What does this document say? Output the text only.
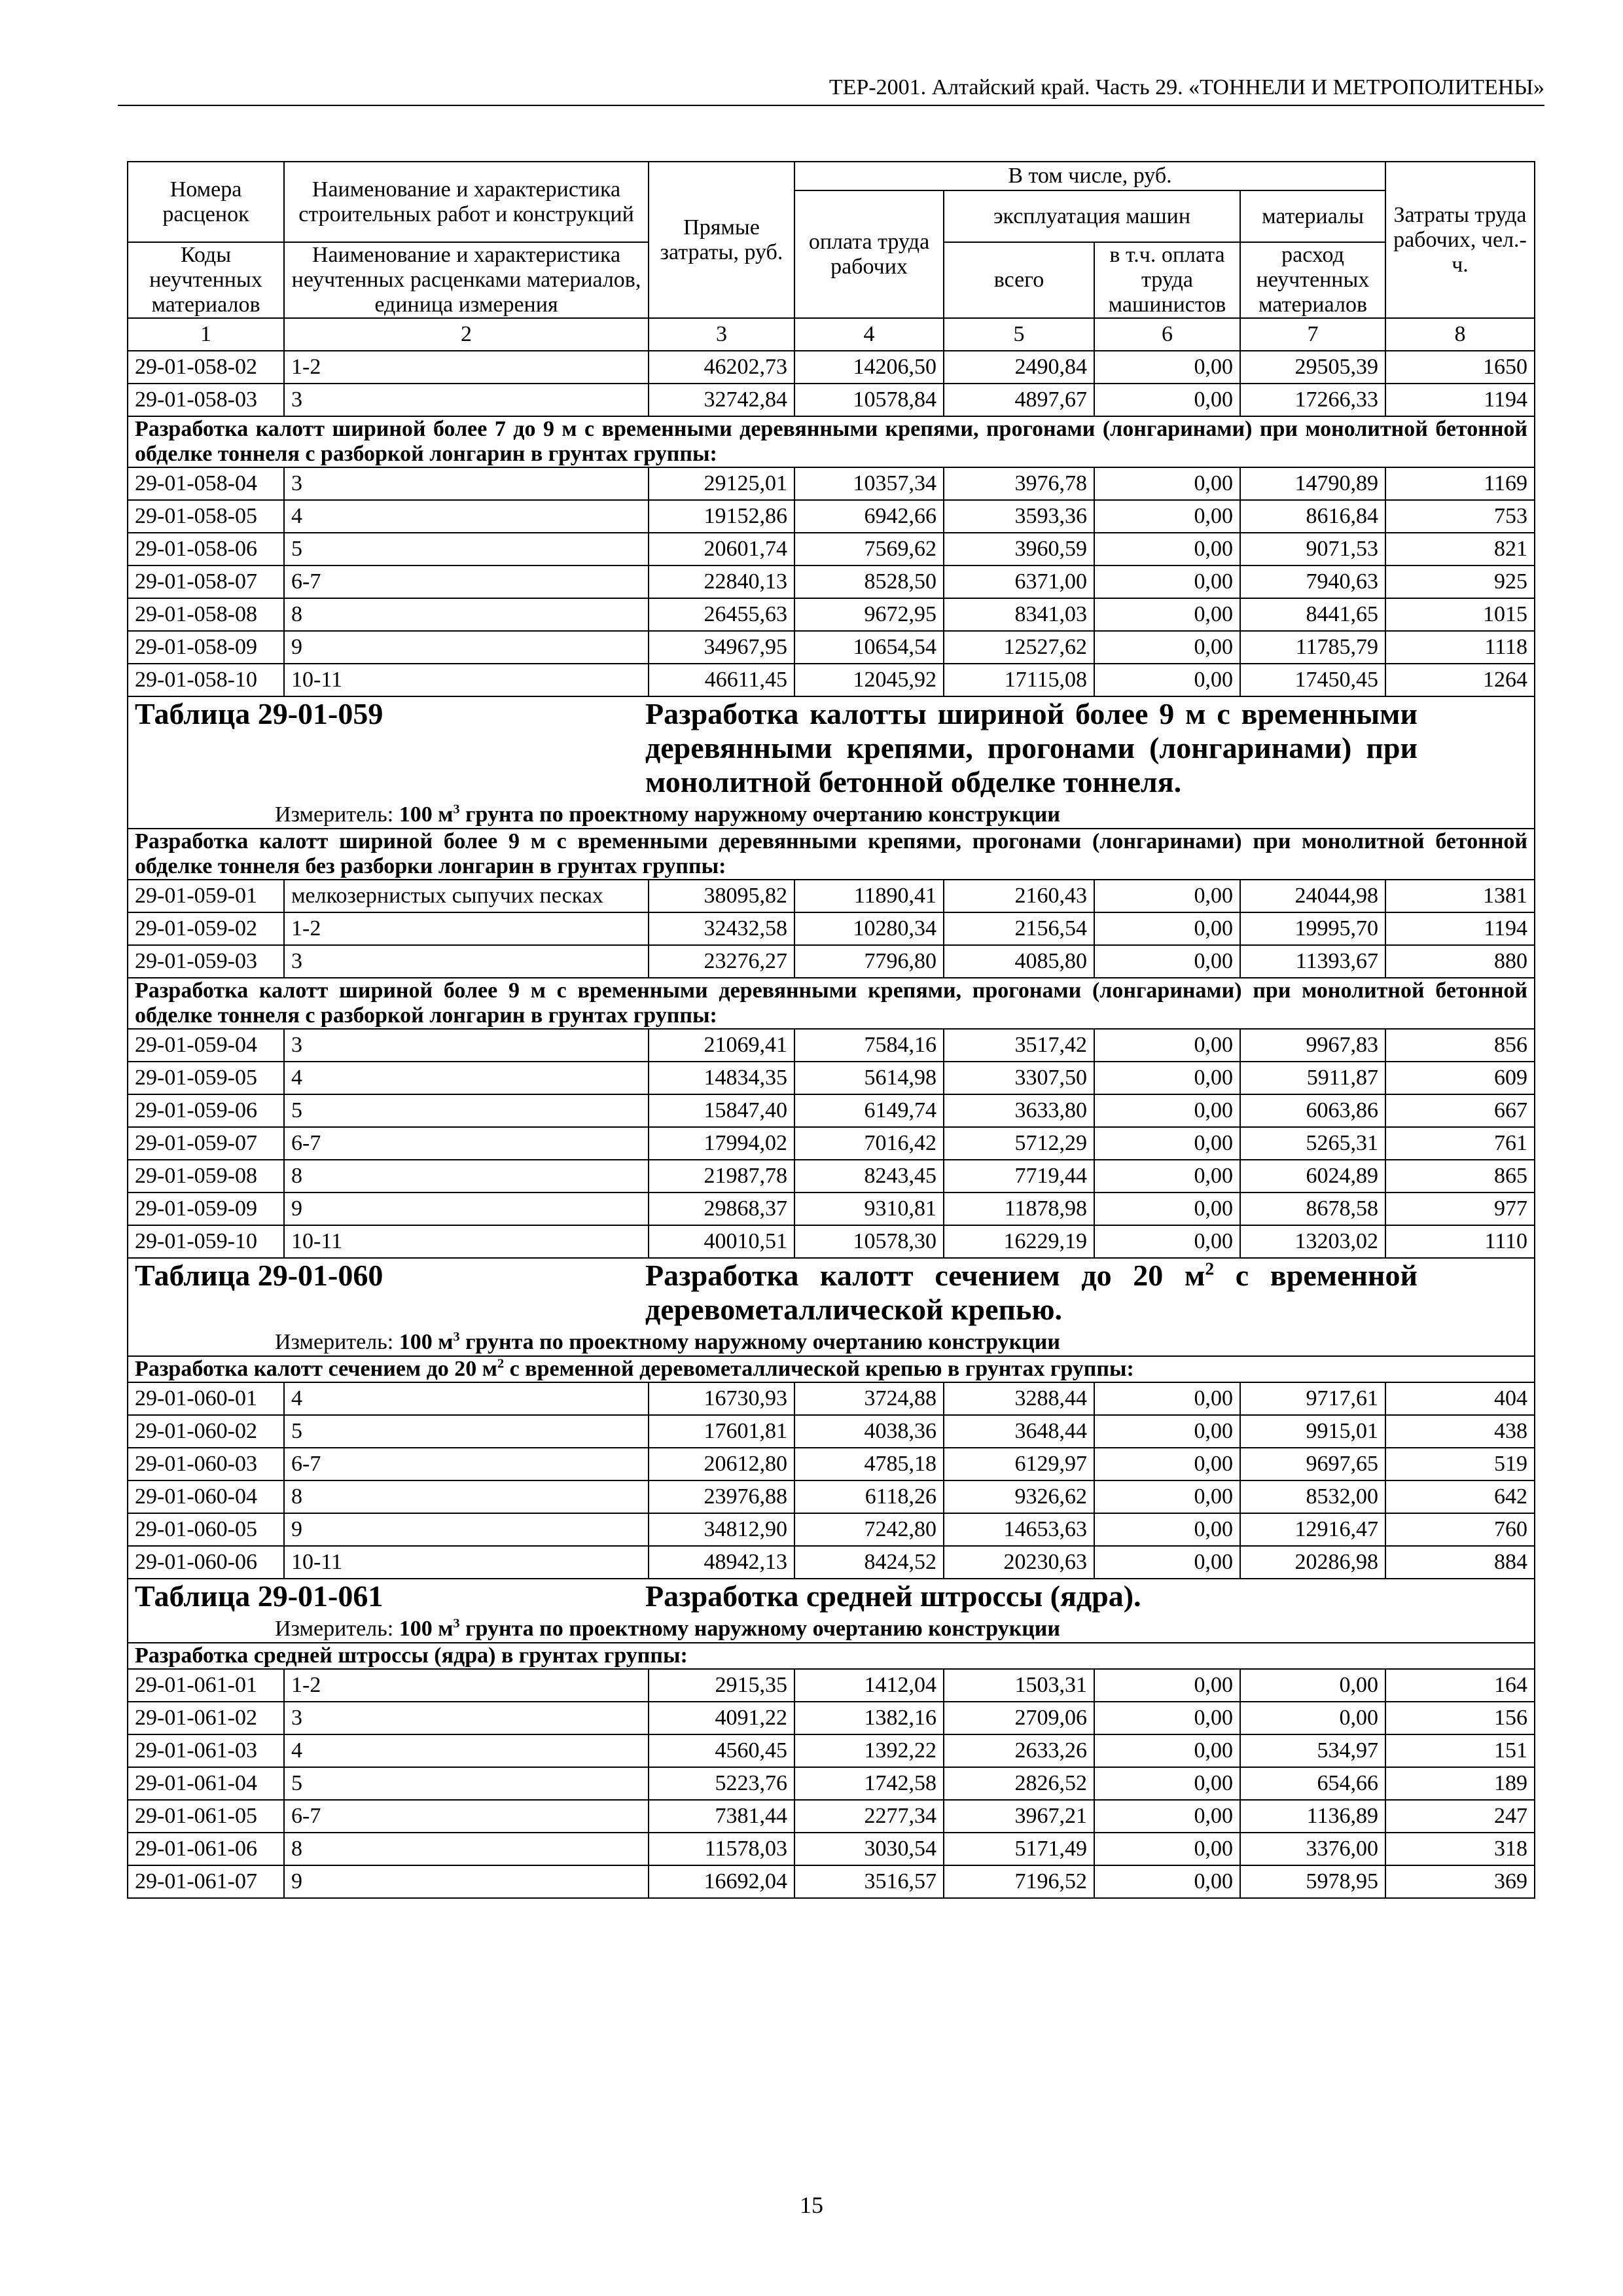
ТЕР-2001. Алтайский край. Часть 29. «ТОННЕЛИ И МЕТРОПОЛИТЕНЫ»
Номера расценок	Наименование и характеристика строительных работ и конструкций	Прямые затраты, руб.	В том числе, руб.				Затраты труда рабочих, чел.-ч.
			оплата труда рабочих	эксплуатация машин		материалы	
Коды неучтенных материалов	Наименование и характеристика неучтенных расценками материалов, единица измерения			всего	в т.ч. оплата труда машинистов	расход неучтенных материалов	
1	2	3	4	5	6	7	8
29-01-058-02	1-2	46202,73	14206,50	2490,84	0,00	29505,39	1650
29-01-058-03	3	32742,84	10578,84	4897,67	0,00	17266,33	1194
Разработка калотт шириной более 7 до 9 м с временными деревянными крепями, прогонами (лонгаринами) при монолитной бетонной обделке тоннеля с разборкой лонгарин в грунтах группы:							
29-01-058-04	3	29125,01	10357,34	3976,78	0,00	14790,89	1169
29-01-058-05	4	19152,86	6942,66	3593,36	0,00	8616,84	753
29-01-058-06	5	20601,74	7569,62	3960,59	0,00	9071,53	821
29-01-058-07	6-7	22840,13	8528,50	6371,00	0,00	7940,63	925
29-01-058-08	8	26455,63	9672,95	8341,03	0,00	8441,65	1015
29-01-058-09	9	34967,95	10654,54	12527,62	0,00	11785,79	1118
29-01-058-10	10-11	46611,45	12045,92	17115,08	0,00	17450,45	1264

Таблица 29-01-059 Разработка калотты шириной более 9 м с временными деревянными крепями, прогонами (лонгаринами) при монолитной бетонной обделке тоннеля.
Измеритель: 100 $м^3$ грунта по проектному наружному очертанию конструкции							

Разработка калотт шириной более 9 м с временными деревянными крепями, прогонами (лонгаринами) при монолитной бетонной обделке тоннеля без разборки лонгарин в грунтах группы:							
29-01-059-01	мелкозернистых сыпучих песках	38095,82	11890,41	2160,43	0,00	24044,98	1381
29-01-059-02	1-2	32432,58	10280,34	2156,54	0,00	19995,70	1194
29-01-059-03	3	23276,27	7796,80	4085,80	0,00	11393,67	880
Разработка калотт шириной более 9 м с временными деревянными крепями, прогонами (лонгаринами) при монолитной бетонной обделке тоннеля с разборкой лонгарин в грунтах группы:							
29-01-059-04	3	21069,41	7584,16	3517,42	0,00	9967,83	856
29-01-059-05	4	14834,35	5614,98	3307,50	0,00	5911,87	609
29-01-059-06	5	15847,40	6149,74	3633,80	0,00	6063,86	667
29-01-059-07	6-7	17994,02	7016,42	5712,29	0,00	5265,31	761
29-01-059-08	8	21987,78	8243,45	7719,44	0,00	6024,89	865
29-01-059-09	9	29868,37	9310,81	11878,98	0,00	8678,58	977
29-01-059-10	10-11	40010,51	10578,30	16229,19	0,00	13203,02	1110

Таблица 29-01-060 Разработка калотт сечением до 20 $м^2$ с временной деревометаллической крепью.
Измеритель: 100 $м^3$ грунта по проектному наружному очертанию конструкции							

Разработка калотт сечением до 20 $м^2$ с временной деревометаллической крепью в грунтах группы:							
29-01-060-01	4	16730,93	3724,88	3288,44	0,00	9717,61	404
29-01-060-02	5	17601,81	4038,36	3648,44	0,00	9915,01	438
29-01-060-03	6-7	20612,80	4785,18	6129,97	0,00	9697,65	519
29-01-060-04	8	23976,88	6118,26	9326,62	0,00	8532,00	642
29-01-060-05	9	34812,90	7242,80	14653,63	0,00	12916,47	760
29-01-060-06	10-11	48942,13	8424,52	20230,63	0,00	20286,98	884

Таблица 29-01-061 Разработка средней штроссы (ядра).
Измеритель: 100 $м^3$ грунта по проектному наружному очертанию конструкции							

Разработка средней штроссы (ядра) в грунтах группы:							
29-01-061-01	1-2	2915,35	1412,04	1503,31	0,00	0,00	164
29-01-061-02	3	4091,22	1382,16	2709,06	0,00	0,00	156
29-01-061-03	4	4560,45	1392,22	2633,26	0,00	534,97	151
29-01-061-04	5	5223,76	1742,58	2826,52	0,00	654,66	189
29-01-061-05	6-7	7381,44	2277,34	3967,21	0,00	1136,89	247
29-01-061-06	8	11578,03	3030,54	5171,49	0,00	3376,00	318
29-01-061-07	9	16692,04	3516,57	7196,52	0,00	5978,95	369
15
